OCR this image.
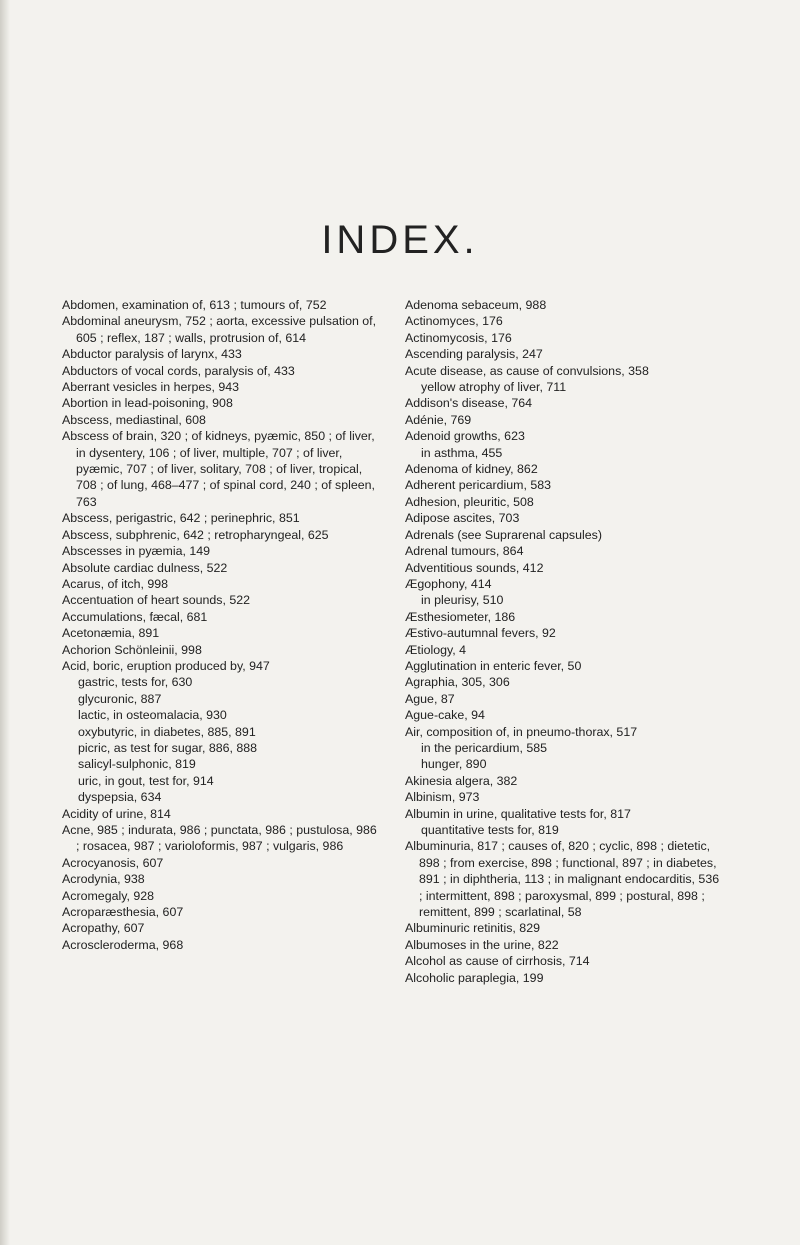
INDEX.

Abdomen, examination of, 613 ; tumours of, 752

Abdominal aneurysm, 752 ; aorta, excessive pulsation of, 605 ; reflex, 187 ; walls, protrusion of, 614

Abductor paralysis of larynx, 433

Abductors of vocal cords, paralysis of, 433

Aberrant vesicles in herpes, 943

Abortion in lead-poisoning, 908

Abscess, mediastinal, 608

Abscess of brain, 320 ; of kidneys, pyæmic, 850 ; of liver, in dysentery, 106 ; of liver, multiple, 707 ; of liver, pyæmic, 707 ; of liver, solitary, 708 ; of liver, tropical, 708 ; of lung, 468–477 ; of spinal cord, 240 ; of spleen, 763

Abscess, perigastric, 642 ; perinephric, 851

Abscess, subphrenic, 642 ; retropharyngeal, 625

Abscesses in pyæmia, 149

Absolute cardiac dulness, 522

Acarus, of itch, 998

Accentuation of heart sounds, 522

Accumulations, fæcal, 681

Acetonæmia, 891

Achorion Schönleinii, 998

Acid, boric, eruption produced by, 947

gastric, tests for, 630

glycuronic, 887

lactic, in osteomalacia, 930

oxybutyric, in diabetes, 885, 891

picric, as test for sugar, 886, 888

salicyl-sulphonic, 819

uric, in gout, test for, 914

dyspepsia, 634

Acidity of urine, 814

Acne, 985 ; indurata, 986 ; punctata, 986 ; pustulosa, 986 ; rosacea, 987 ; varioloformis, 987 ; vulgaris, 986

Acrocyanosis, 607

Acrodynia, 938

Acromegaly, 928

Acroparæsthesia, 607

Acropathy, 607

Acroscleroderma, 968

Adenoma sebaceum, 988

Actinomyces, 176

Actinomycosis, 176

Ascending paralysis, 247

Acute disease, as cause of convulsions, 358

yellow atrophy of liver, 711

Addison's disease, 764

Adénie, 769

Adenoid growths, 623

in asthma, 455

Adenoma of kidney, 862

Adherent pericardium, 583

Adhesion, pleuritic, 508

Adipose ascites, 703

Adrenals (see Suprarenal capsules)

Adrenal tumours, 864

Adventitious sounds, 412

Ægophony, 414

in pleurisy, 510

Æsthesiometer, 186

Æstivo-autumnal fevers, 92

Ætiology, 4

Agglutination in enteric fever, 50

Agraphia, 305, 306

Ague, 87

Ague-cake, 94

Air, composition of, in pneumo-thorax, 517

in the pericardium, 585

hunger, 890

Akinesia algera, 382

Albinism, 973

Albumin in urine, qualitative tests for, 817

quantitative tests for, 819

Albuminuria, 817 ; causes of, 820 ; cyclic, 898 ; dietetic, 898 ; from exercise, 898 ; functional, 897 ; in diabetes, 891 ; in diphtheria, 113 ; in malignant endocarditis, 536 ; intermittent, 898 ; paroxysmal, 899 ; postural, 898 ; remittent, 899 ; scarlatinal, 58

Albuminuric retinitis, 829

Albumoses in the urine, 822

Alcohol as cause of cirrhosis, 714

Alcoholic paraplegia, 199
